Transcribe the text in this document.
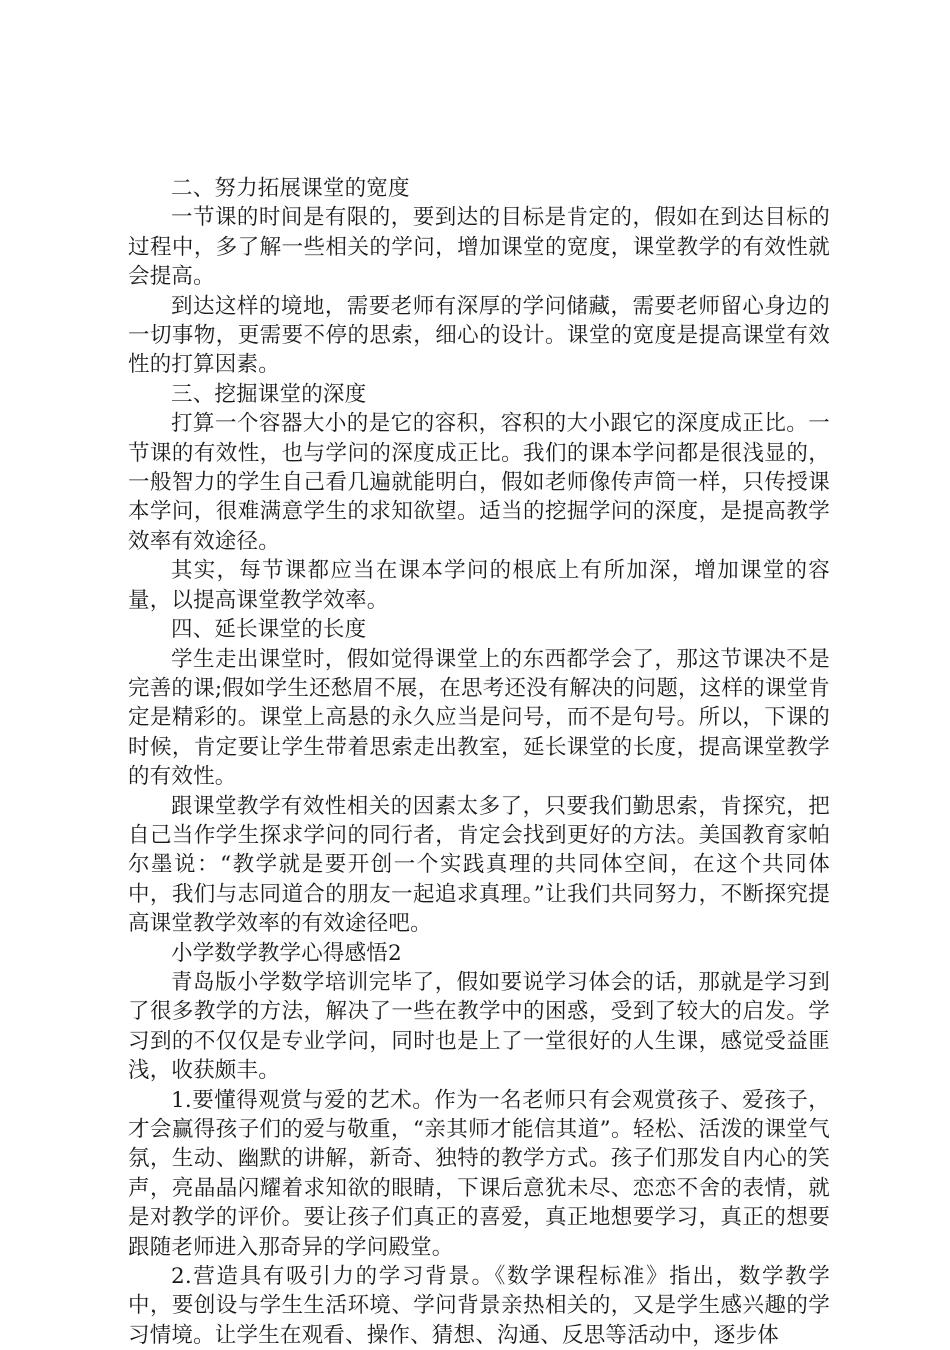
二、努力拓展课堂的宽度

一节课的时间是有限的，要到达的目标是肯定的，假如在到达目标的过程中，多了解一些相关的学问，增加课堂的宽度，课堂教学的有效性就会提高。

到达这样的境地，需要老师有深厚的学问储藏，需要老师留心身边的一切事物，更需要不停的思索，细心的设计。课堂的宽度是提高课堂有效性的打算因素。

三、挖掘课堂的深度

打算一个容器大小的是它的容积，容积的大小跟它的深度成正比。一节课的有效性，也与学问的深度成正比。我们的课本学问都是很浅显的，一般智力的学生自己看几遍就能明白，假如老师像传声筒一样，只传授课本学问，很难满意学生的求知欲望。适当的挖掘学问的深度，是提高教学效率有效途径。

其实，每节课都应当在课本学问的根底上有所加深，增加课堂的容量，以提高课堂教学效率。

四、延长课堂的长度

学生走出课堂时，假如觉得课堂上的东西都学会了，那这节课决不是完善的课;假如学生还愁眉不展，在思考还没有解决的问题，这样的课堂肯定是精彩的。课堂上高悬的永久应当是问号，而不是句号。所以，下课的时候，肯定要让学生带着思索走出教室，延长课堂的长度，提高课堂教学的有效性。

跟课堂教学有效性相关的因素太多了，只要我们勤思索，肯探究，把自己当作学生探求学问的同行者，肯定会找到更好的方法。美国教育家帕尔墨说：“教学就是要开创一个实践真理的共同体空间，在这个共同体中，我们与志同道合的朋友一起追求真理。”让我们共同努力，不断探究提高课堂教学效率的有效途径吧。

小学数学教学心得感悟2

青岛版小学数学培训完毕了，假如要说学习体会的话，那就是学习到了很多教学的方法，解决了一些在教学中的困惑，受到了较大的启发。学习到的不仅仅是专业学问，同时也是上了一堂很好的人生课，感觉受益匪浅，收获颇丰。

1.要懂得观赏与爱的艺术。作为一名老师只有会观赏孩子、爱孩子，才会赢得孩子们的爱与敬重，“亲其师才能信其道”。轻松、活泼的课堂气氛，生动、幽默的讲解，新奇、独特的教学方式。孩子们那发自内心的笑声，亮晶晶闪耀着求知欲的眼睛，下课后意犹未尽、恋恋不舍的表情，就是对教学的评价。要让孩子们真正的喜爱，真正地想要学习，真正的想要跟随老师进入那奇异的学问殿堂。

2.营造具有吸引力的学习背景。《数学课程标准》指出，数学教学中，要创设与学生生活环境、学问背景亲热相关的，又是学生感兴趣的学习情境。让学生在观看、操作、猜想、沟通、反思等活动中，逐步体
